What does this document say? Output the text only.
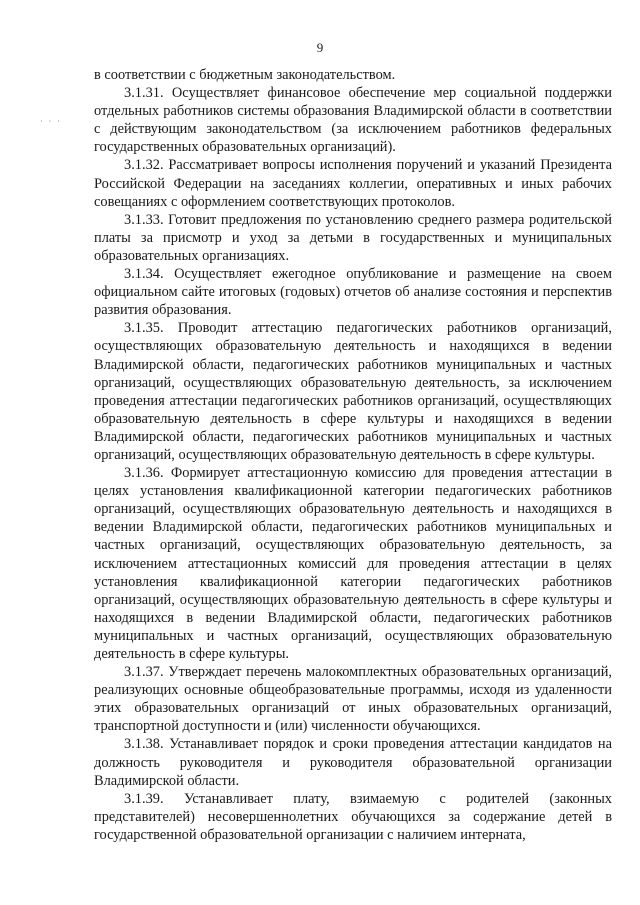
9
· · ·

в соответствии с бюджетным законодательством.

3.1.31. Осуществляет финансовое обеспечение мер социальной поддержки отдельных работников системы образования Владимирской области в соответствии с действующим законодательством (за исключением работников федеральных государственных образовательных организаций).

3.1.32. Рассматривает вопросы исполнения поручений и указаний Президента Российской Федерации на заседаниях коллегии, оперативных и иных рабочих совещаниях с оформлением соответствующих протоколов.

3.1.33. Готовит предложения по установлению среднего размера родительской платы за присмотр и уход за детьми в государственных и муниципальных образовательных организациях.

3.1.34. Осуществляет ежегодное опубликование и размещение на своем официальном сайте итоговых (годовых) отчетов об анализе состояния и перспектив развития образования.

3.1.35. Проводит аттестацию педагогических работников организаций, осуществляющих образовательную деятельность и находящихся в ведении Владимирской области, педагогических работников муниципальных и частных организаций, осуществляющих образовательную деятельность, за исключением проведения аттестации педагогических работников организаций, осуществляющих образовательную деятельность в сфере культуры и находящихся в ведении Владимирской области, педагогических работников муниципальных и частных организаций, осуществляющих образовательную деятельность в сфере культуры.

3.1.36. Формирует аттестационную комиссию для проведения аттестации в целях установления квалификационной категории педагогических работников организаций, осуществляющих образовательную деятельность и находящихся в ведении Владимирской области, педагогических работников муниципальных и частных организаций, осуществляющих образовательную деятельность, за исключением аттестационных комиссий для проведения аттестации в целях установления квалификационной категории педагогических работников организаций, осуществляющих образовательную деятельность в сфере культуры и находящихся в ведении Владимирской области, педагогических работников муниципальных и частных организаций, осуществляющих образовательную деятельность в сфере культуры.

3.1.37. Утверждает перечень малокомплектных образовательных организаций, реализующих основные общеобразовательные программы, исходя из удаленности этих образовательных организаций от иных образовательных организаций, транспортной доступности и (или) численности обучающихся.

3.1.38. Устанавливает порядок и сроки проведения аттестации кандидатов на должность руководителя и руководителя образовательной организации Владимирской области.

3.1.39. Устанавливает плату, взимаемую с родителей (законных представителей) несовершеннолетних обучающихся за содержание детей в государственной образовательной организации с наличием интерната,
